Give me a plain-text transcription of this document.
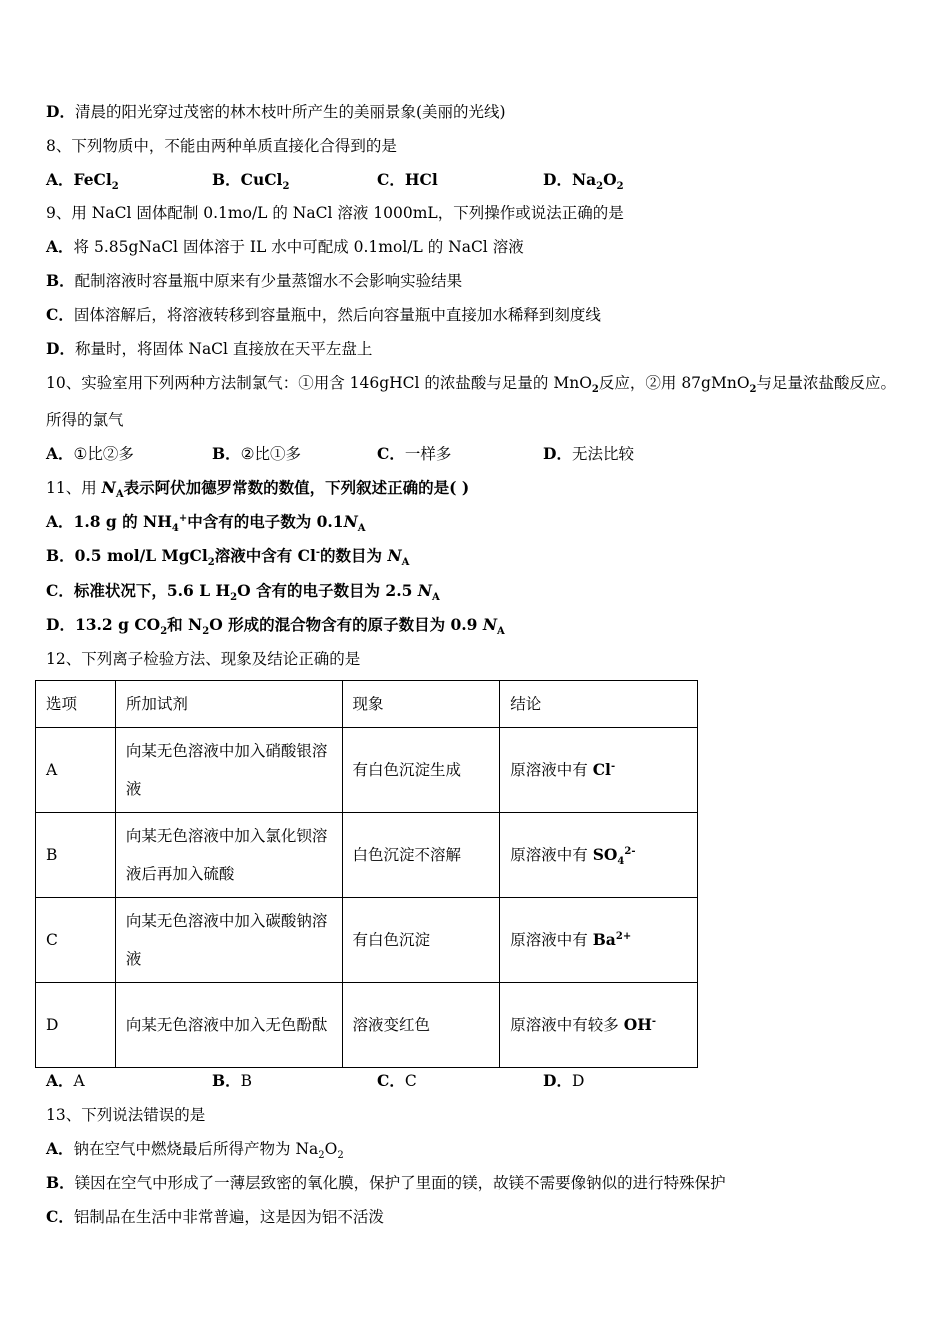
D．清晨的阳光穿过茂密的林木枝叶所产生的美丽景象(美丽的光线)
8、下列物质中，不能由两种单质直接化合得到的是
A．FeCl$_2$	B．CuCl$_2$	C．HCl	D．$Na_2O_2$
9、用 NaCl 固体配制 0.1mo/L 的 NaCl 溶液 1000mL，下列操作或说法正确的是
A．将 5.85gNaCl 固体溶于 IL 水中可配成 0.1mol/L 的 NaCl 溶液
B．配制溶液时容量瓶中原来有少量蒸馏水不会影响实验结果
C．固体溶解后，将溶液转移到容量瓶中，然后向容量瓶中直接加水稀释到刻度线
D．称量时，将固体 NaCl 直接放在天平左盘上
10、实验室用下列两种方法制氯气：①用含 146gHCl 的浓盐酸与足量的 MnO$_2$反应，②用 87gMnO$_2$与足量浓盐酸反应。
所得的氯气
A．①比②多	B．②比①多	C．一样多	D．无法比较
11、用 $N_A$表示阿伏加德罗常数的数值，下列叙述正确的是( )
A．1.8 g 的 $NH_4^+$中含有的电子数为 $0.1N_A$
B．0.5 mol/L MgCl$_2$溶液中含有 Cl-的数目为 $N_A$
C．标准状况下，5.6 L $H_2O$ 含有的电子数目为 2.5 $N_A$
D．13.2 g $CO_2$和 $N_2O$ 形成的混合物含有的原子数目为 0.9 $N_A$
12、下列离子检验方法、现象及结论正确的是
选项	所加试剂	现象	结论
A	向某无色溶液中加入硝酸银溶液	有白色沉淀生成	原溶液中有 Cl-
B	向某无色溶液中加入氯化钡溶液后再加入硫酸	白色沉淀不溶解	原溶液中有 $SO_4^{2-}$
C	向某无色溶液中加入碳酸钠溶液	有白色沉淀	原溶液中有 $Ba^{2+}$
D	向某无色溶液中加入无色酚酞	溶液变红色	原溶液中有较多 OH-
A．A	B．B	C．C	D．D
13、下列说法错误的是
A．钠在空气中燃烧最后所得产物为 $Na_2O_2$
B．镁因在空气中形成了一薄层致密的氧化膜，保护了里面的镁，故镁不需要像钠似的进行特殊保护
C．铝制品在生活中非常普遍，这是因为铝不活泼
